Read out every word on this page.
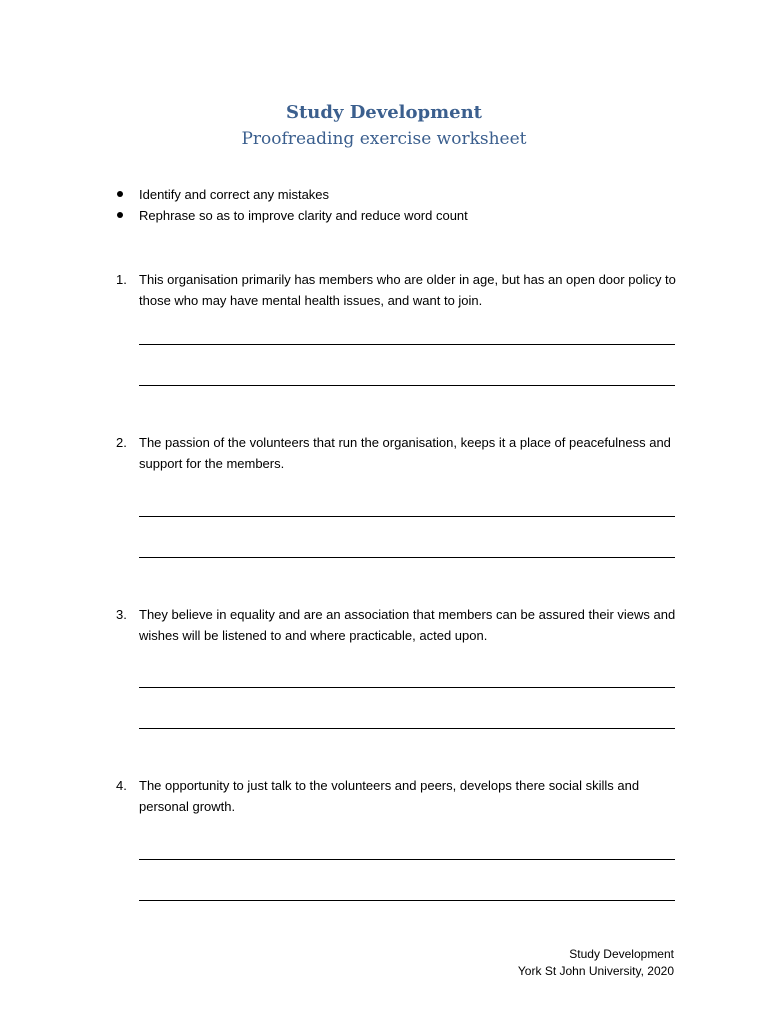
Study Development
Proofreading exercise worksheet
Identify and correct any mistakes
Rephrase so as to improve clarity and reduce word count
1. This organisation primarily has members who are older in age, but has an open door policy to those who may have mental health issues, and want to join.
2. The passion of the volunteers that run the organisation, keeps it a place of peacefulness and support for the members.
3. They believe in equality and are an association that members can be assured their views and wishes will be listened to and where practicable, acted upon.
4. The opportunity to just talk to the volunteers and peers, develops there social skills and personal growth.
Study Development
York St John University, 2020
